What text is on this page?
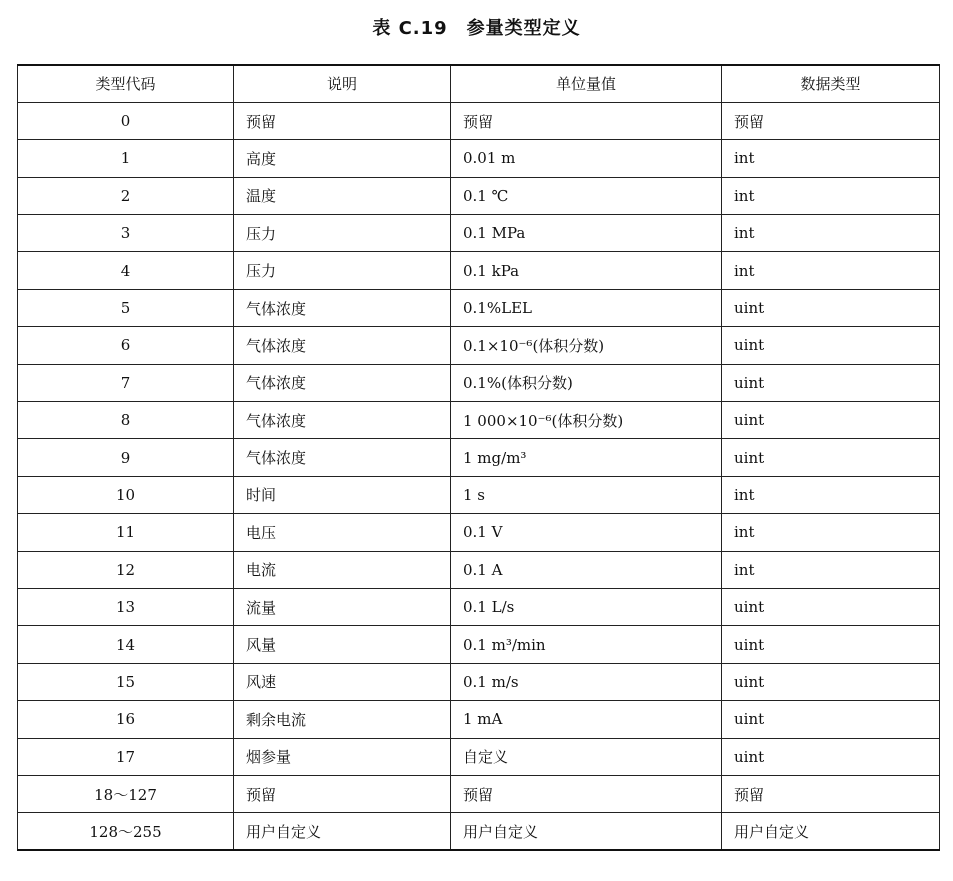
表 C.19　参量类型定义
类型代码	说明	单位量值	数据类型
0	预留	预留	预留
1	高度	0.01 m	int
2	温度	0.1 ℃	int
3	压力	0.1 MPa	int
4	压力	0.1 kPa	int
5	气体浓度	0.1%LEL	uint
6	气体浓度	0.1×10⁻⁶(体积分数)	uint
7	气体浓度	0.1%(体积分数)	uint
8	气体浓度	1 000×10⁻⁶(体积分数)	uint
9	气体浓度	1 mg/m³	uint
10	时间	1 s	int
11	电压	0.1 V	int
12	电流	0.1 A	int
13	流量	0.1 L/s	uint
14	风量	0.1 m³/min	uint
15	风速	0.1 m/s	uint
16	剩余电流	1 mA	uint
17	烟参量	自定义	uint
18～127	预留	预留	预留
128～255	用户自定义	用户自定义	用户自定义
